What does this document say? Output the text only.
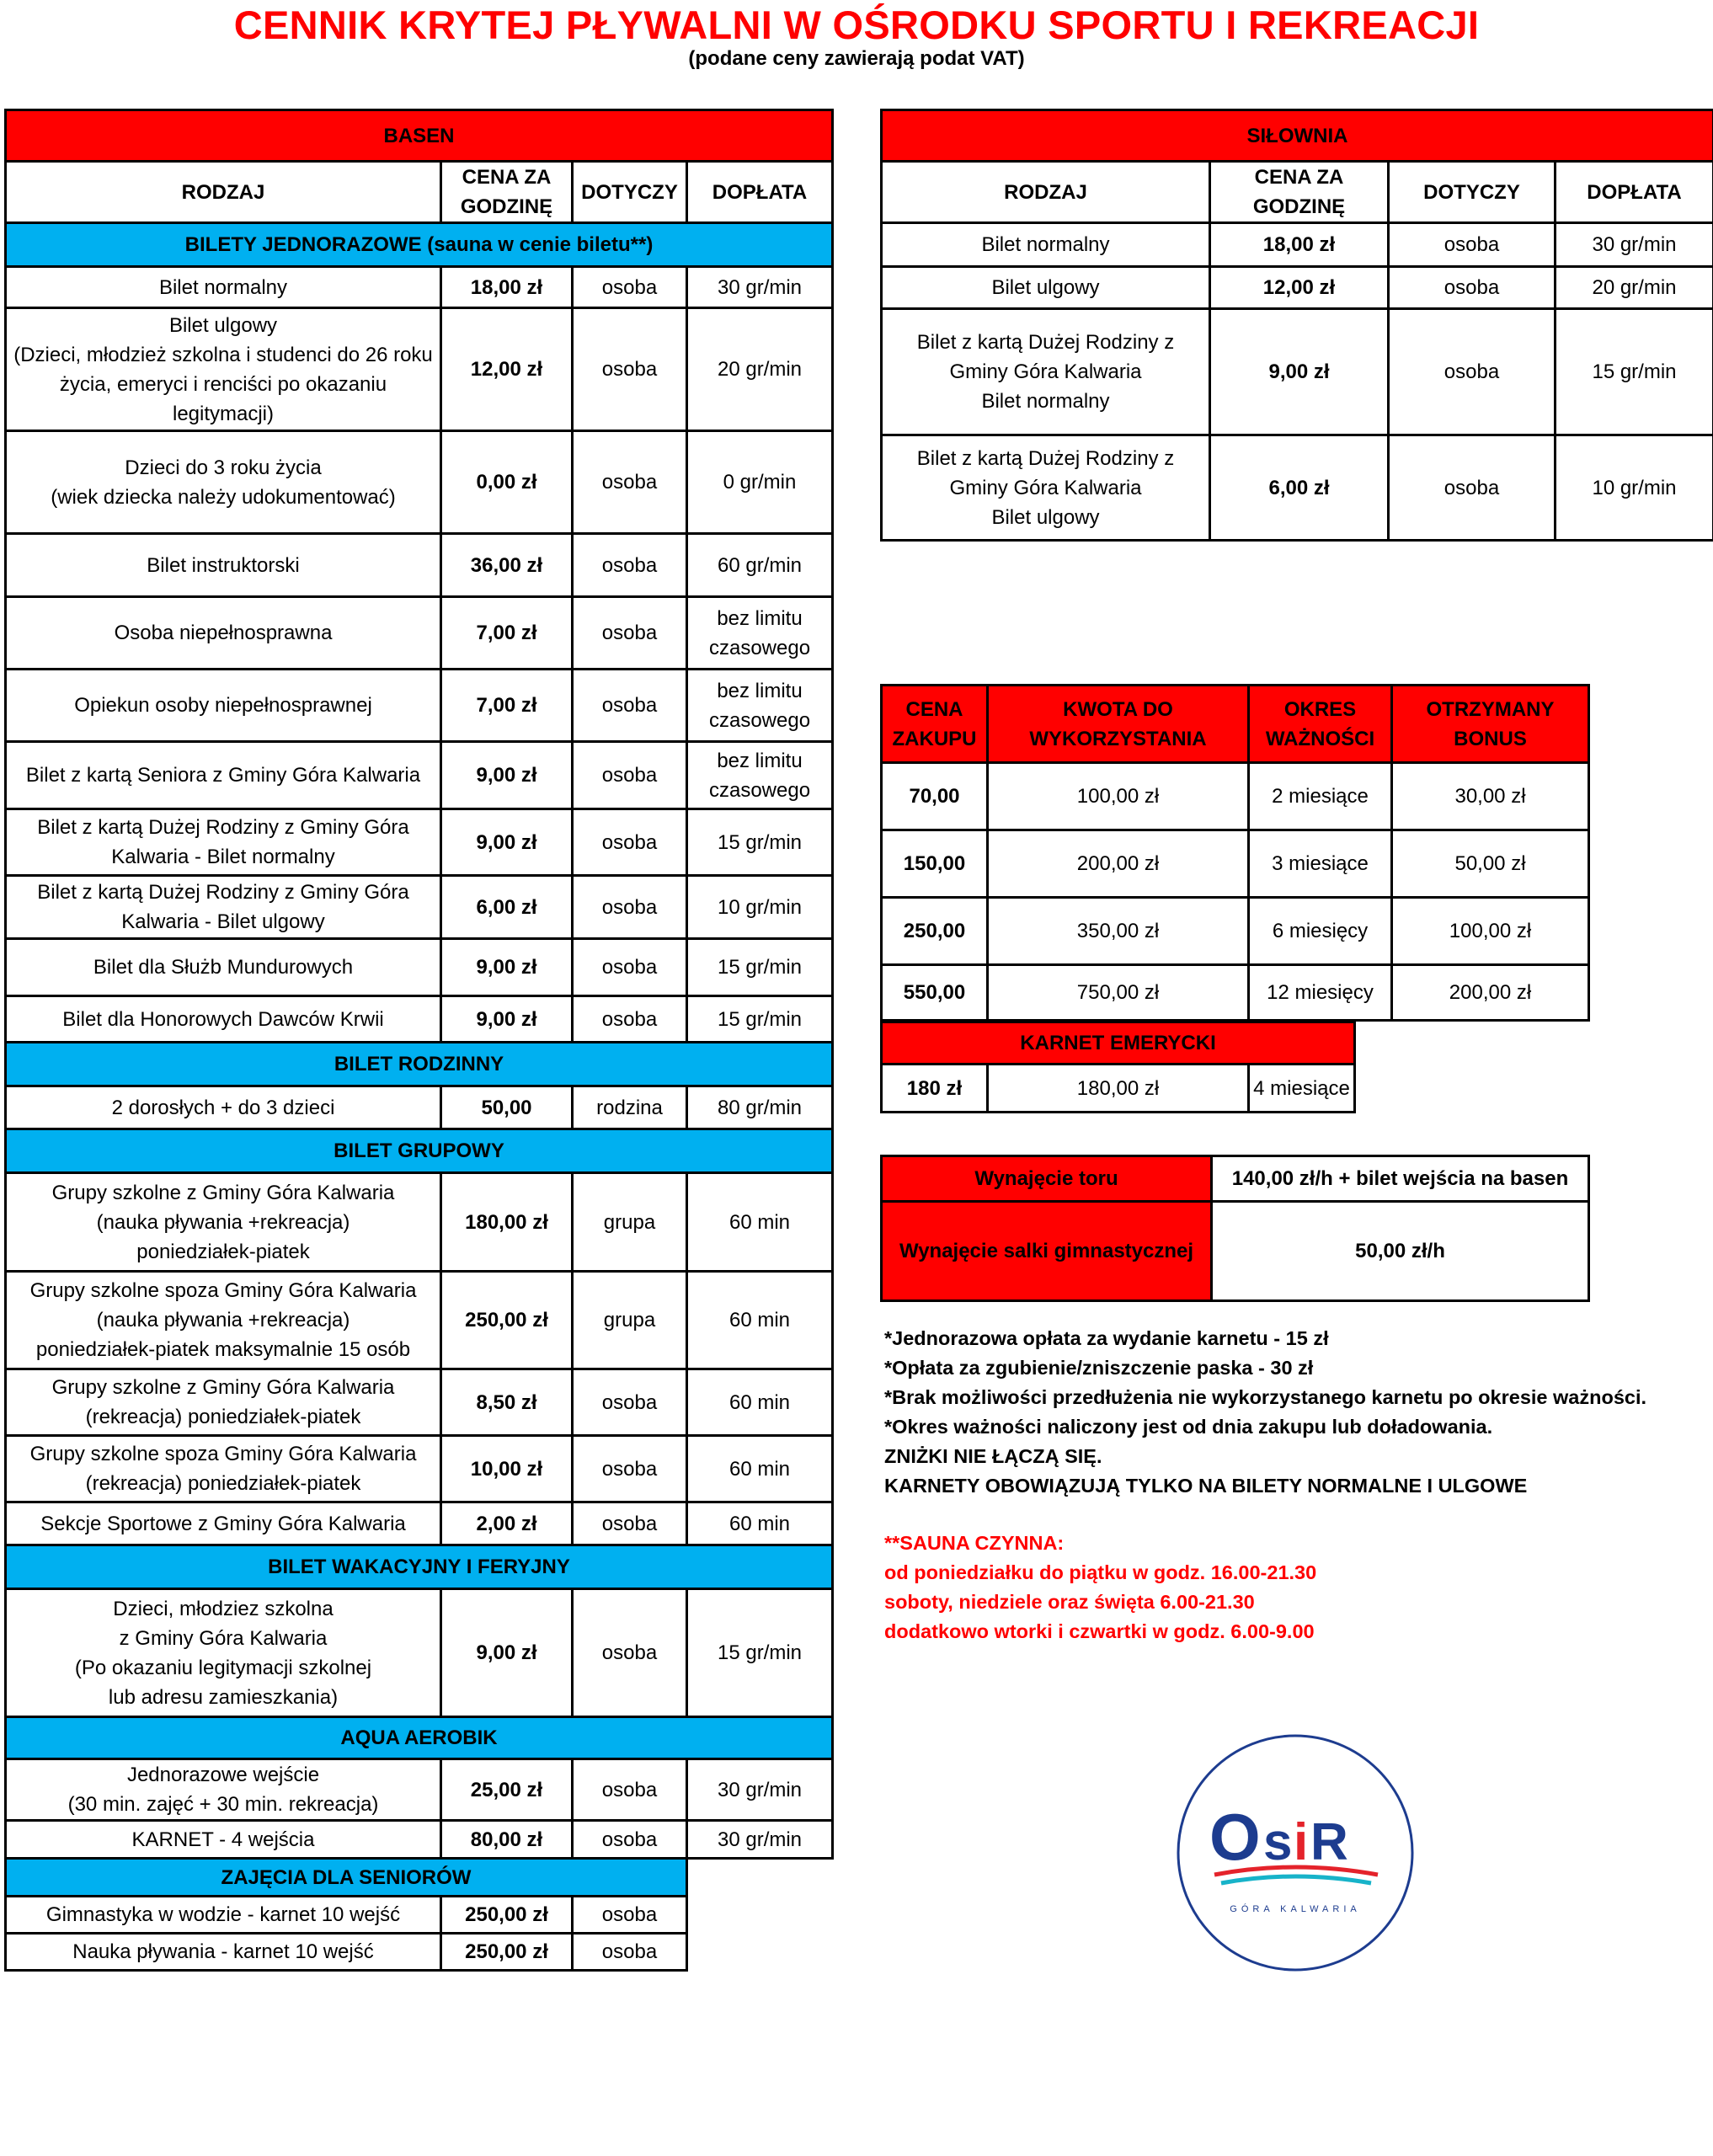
CENNIK KRYTEJ PŁYWALNI W OŚRODKU SPORTU I REKREACJI
(podane ceny zawierają podat VAT)
BASEN			
RODZAJ	CENA ZA GODZINĘ	DOTYCZY	DOPŁATA
BILETY JEDNORAZOWE (sauna w cenie biletu**)			
Bilet normalny	18,00 zł	osoba	30 gr/min
Bilet ulgowy
(Dzieci, młodzież szkolna i studenci do 26 roku życia, emeryci i renciści po okazaniu legitymacji)	12,00 zł	osoba	20 gr/min
Dzieci do 3 roku życia
(wiek dziecka należy udokumentować)	0,00 zł	osoba	0 gr/min
Bilet instruktorski	36,00 zł	osoba	60 gr/min
Osoba niepełnosprawna	7,00 zł	osoba	bez limitu czasowego
Opiekun osoby niepełnosprawnej	7,00 zł	osoba	bez limitu czasowego
Bilet z kartą Seniora z Gminy Góra Kalwaria	9,00 zł	osoba	bez limitu czasowego
Bilet z kartą Dużej Rodziny z Gminy Góra Kalwaria - Bilet normalny	9,00 zł	osoba	15 gr/min
Bilet z kartą Dużej Rodziny z Gminy Góra Kalwaria - Bilet ulgowy	6,00 zł	osoba	10 gr/min
Bilet dla Służb Mundurowych	9,00 zł	osoba	15 gr/min
Bilet dla Honorowych Dawców Krwii	9,00 zł	osoba	15 gr/min
BILET RODZINNY			
2 dorosłych + do 3 dzieci	50,00	rodzina	80 gr/min
BILET GRUPOWY			
Grupy szkolne z Gminy Góra Kalwaria
(nauka pływania +rekreacja)
poniedziałek-piatek	180,00 zł	grupa	60 min
Grupy szkolne spoza Gminy Góra Kalwaria
(nauka pływania +rekreacja)
poniedziałek-piatek maksymalnie 15 osób	250,00 zł	grupa	60 min
Grupy szkolne z Gminy Góra Kalwaria
(rekreacja) poniedziałek-piatek	8,50 zł	osoba	60 min
Grupy szkolne spoza Gminy Góra Kalwaria
(rekreacja) poniedziałek-piatek	10,00 zł	osoba	60 min
Sekcje Sportowe z Gminy Góra Kalwaria	2,00 zł	osoba	60 min
BILET WAKACYJNY I FERYJNY			
Dzieci, młodziez szkolna
z Gminy Góra Kalwaria
(Po okazaniu legitymacji szkolnej
lub adresu zamieszkania)	9,00 zł	osoba	15 gr/min
AQUA AEROBIK			
Jednorazowe wejście
(30 min. zajęć + 30 min. rekreacja)	25,00 zł	osoba	30 gr/min
KARNET - 4 wejścia	80,00 zł	osoba	30 gr/min
ZAJĘCIA DLA SENIORÓW			
Gimnastyka w wodzie - karnet 10 wejść	250,00 zł	osoba	
Nauka pływania - karnet 10 wejść	250,00 zł	osoba	
SIŁOWNIA			
RODZAJ	CENA ZA GODZINĘ	DOTYCZY	DOPŁATA
Bilet normalny	18,00 zł	osoba	30 gr/min
Bilet ulgowy	12,00 zł	osoba	20 gr/min
Bilet z kartą Dużej Rodziny z Gminy Góra Kalwaria
Bilet normalny	9,00 zł	osoba	15 gr/min
Bilet z kartą Dużej Rodziny z Gminy Góra Kalwaria
Bilet ulgowy	6,00 zł	osoba	10 gr/min
CENA ZAKUPU	KWOTA DO WYKORZYSTANIA	OKRES WAŻNOŚCI	OTRZYMANY BONUS
70,00	100,00 zł	2 miesiące	30,00 zł
150,00	200,00 zł	3 miesiące	50,00 zł
250,00	350,00 zł	6 miesięcy	100,00 zł
550,00	750,00 zł	12 miesięcy	200,00 zł
KARNET EMERYCKI
180 zł	180,00 zł	4 miesiące
Wynajęcie toru	140,00 zł/h + bilet wejścia na basen
Wynajęcie salki gimnastycznej	50,00 zł/h
*Jednorazowa opłata za wydanie karnetu - 15 zł
*Opłata za zgubienie/zniszczenie paska - 30 zł
*Brak możliwości przedłużenia nie wykorzystanego karnetu po okresie ważności.
*Okres ważności naliczony jest od dnia zakupu lub doładowania.
ZNIŻKI NIE ŁĄCZĄ SIĘ.
KARNETY OBOWIĄZUJĄ TYLKO NA BILETY NORMALNE I ULGOWE
**SAUNA CZYNNA:
od poniedziałku do piątku w godz. 16.00-21.30
soboty, niedziele oraz święta 6.00-21.30
dodatkowo wtorki i czwartki w godz. 6.00-9.00
O s i R
GÓRA KALWARIA
